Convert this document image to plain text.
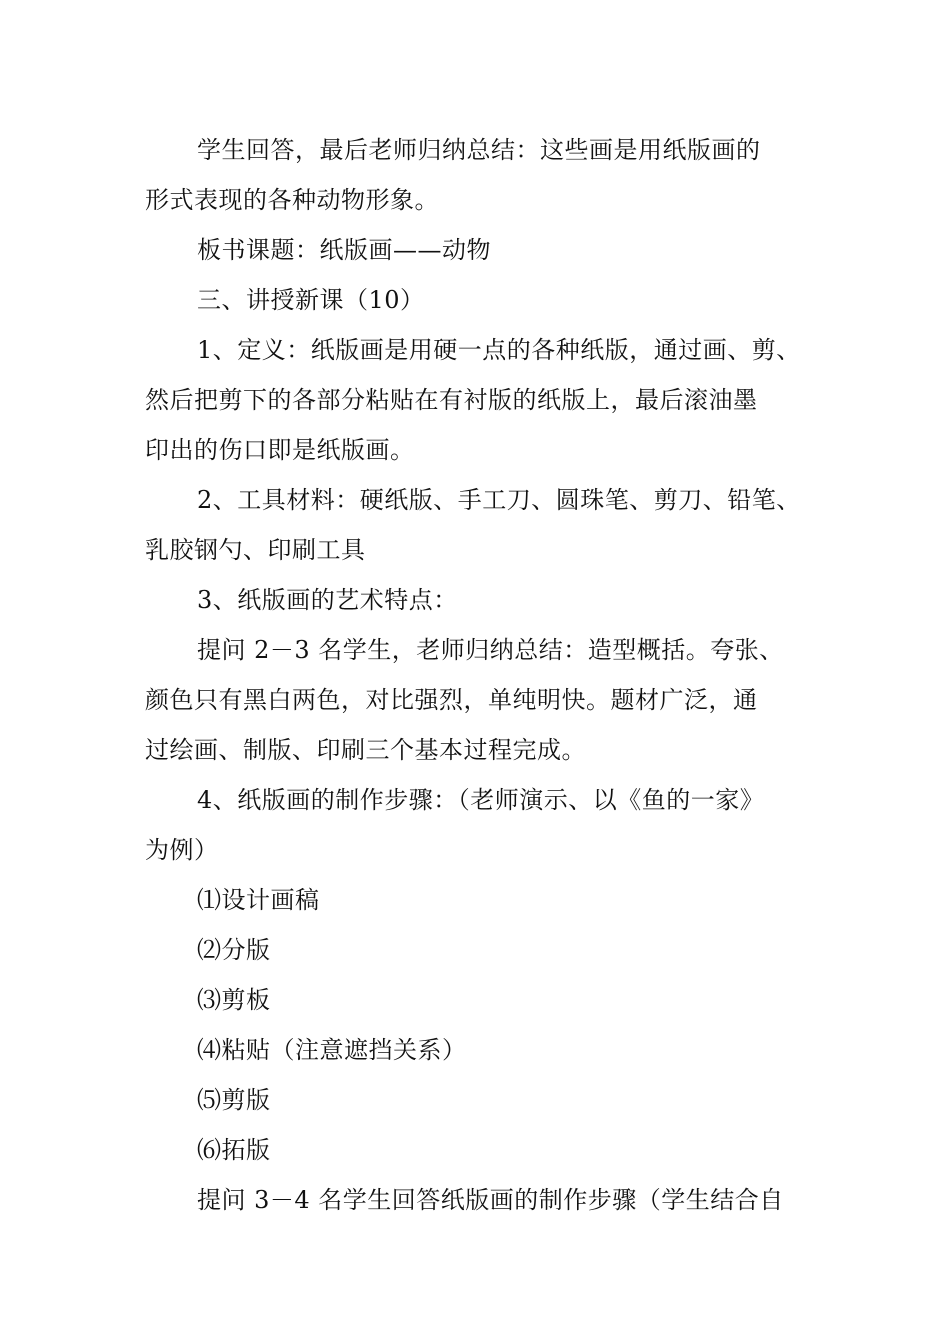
学生回答，最后老师归纳总结：这些画是用纸版画的
形式表现的各种动物形象。
板书课题：纸版画——动物
三、讲授新课（10）
1、定义：纸版画是用硬一点的各种纸版，通过画、剪、
然后把剪下的各部分粘贴在有衬版的纸版上，最后滚油墨
印出的伤口即是纸版画。
2、工具材料：硬纸版、手工刀、圆珠笔、剪刀、铅笔、
乳胶钢勺、印刷工具
3、纸版画的艺术特点：
提问 2－3 名学生，老师归纳总结：造型概括。夸张、
颜色只有黑白两色，对比强烈，单纯明快。题材广泛，通
过绘画、制版、印刷三个基本过程完成。
4、纸版画的制作步骤：（老师演示、以《鱼的一家》
为例）
⑴设计画稿
⑵分版
⑶剪板
⑷粘贴（注意遮挡关系）
⑸剪版
⑹拓版
提问 3－4 名学生回答纸版画的制作步骤（学生结合自
